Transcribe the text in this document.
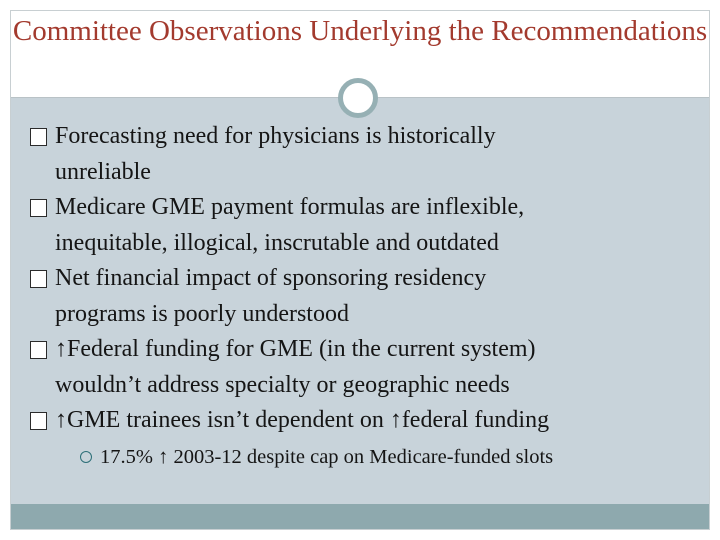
Committee Observations Underlying the Recommendations
Forecasting need for physicians is historically
unreliable
Medicare GME payment formulas are inflexible,
inequitable, illogical, inscrutable and outdated
Net financial impact of sponsoring residency
programs is poorly understood
↑Federal funding for GME (in the current system)
wouldn’t address specialty or geographic needs
↑GME trainees isn’t dependent on ↑federal funding
17.5% ↑ 2003-12 despite cap on Medicare-funded slots
